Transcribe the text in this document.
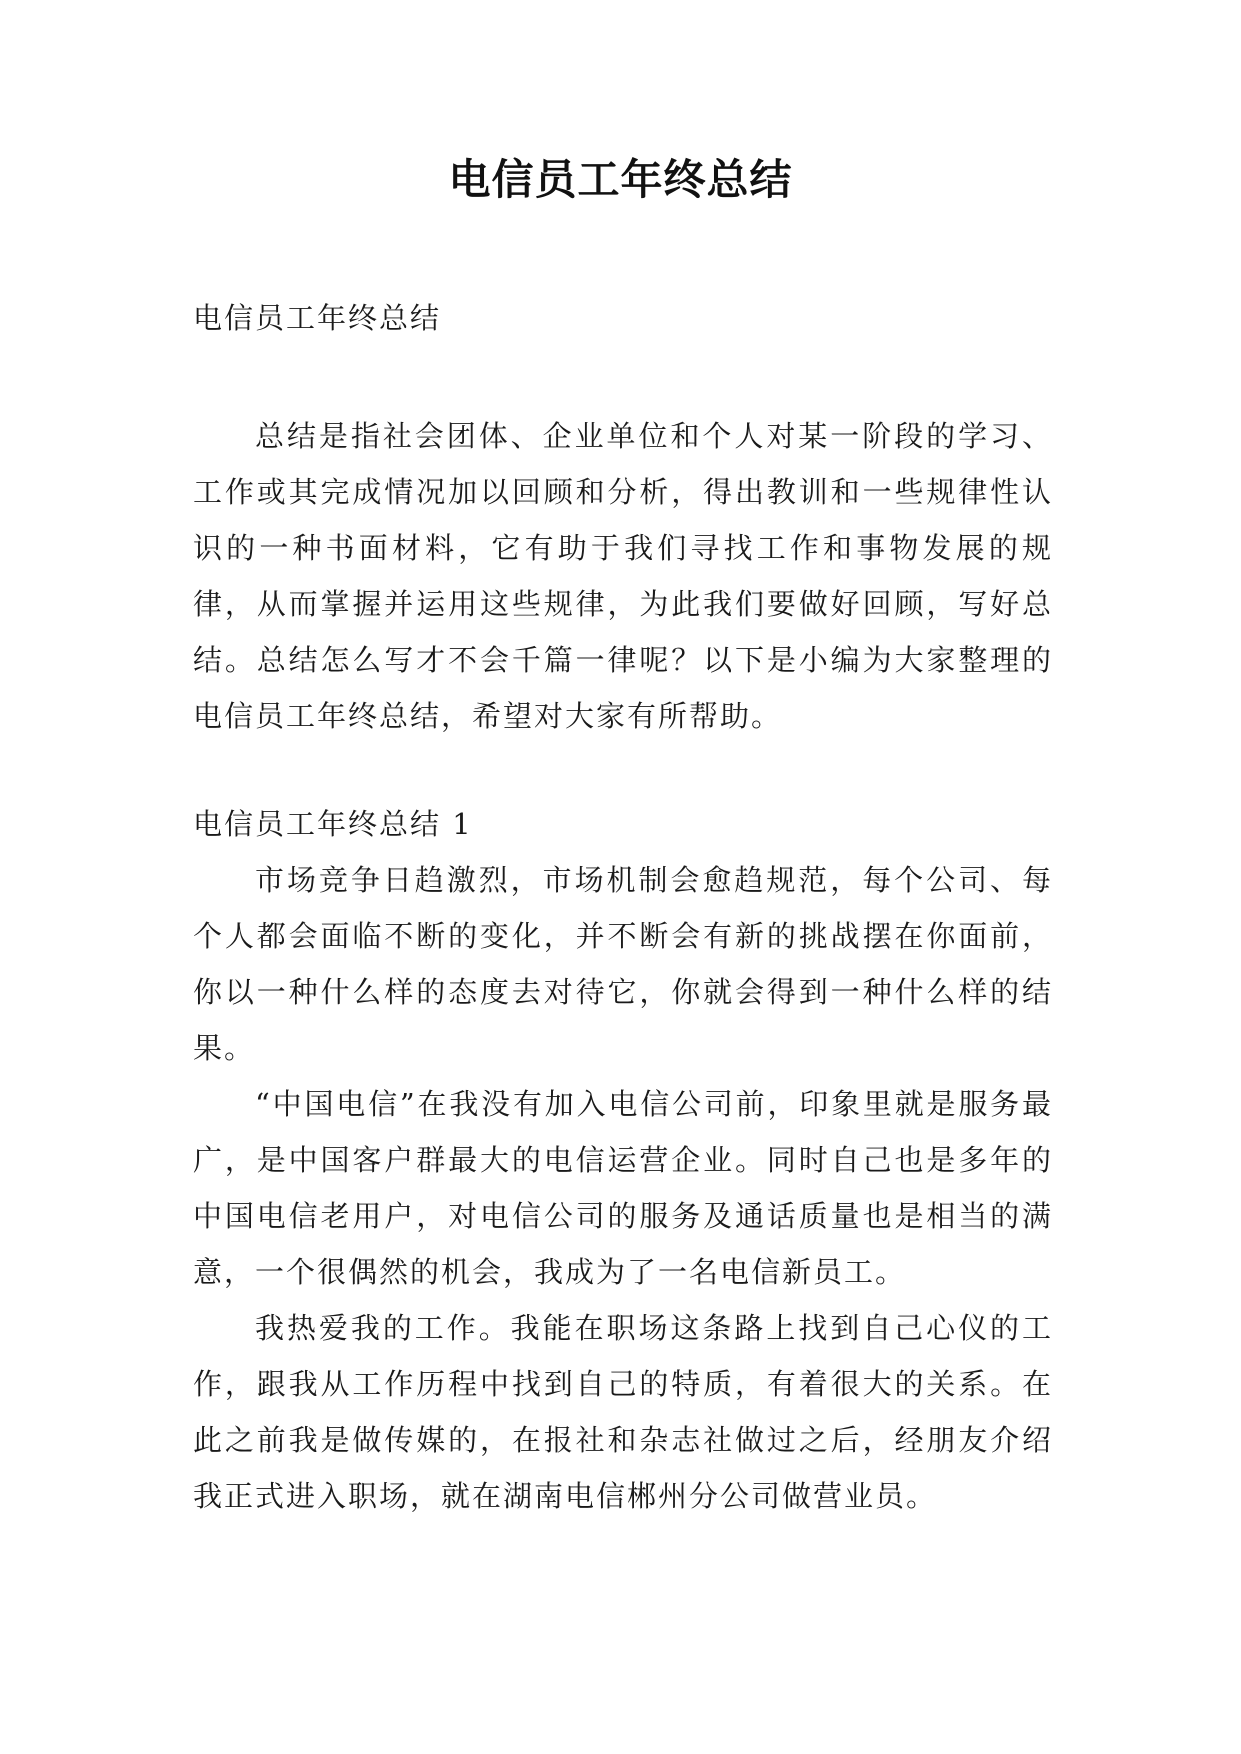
电信员工年终总结

电信员工年终总结

总结是指社会团体、企业单位和个人对某一阶段的学习、工作或其完成情况加以回顾和分析，得出教训和一些规律性认识的一种书面材料，它有助于我们寻找工作和事物发展的规律，从而掌握并运用这些规律，为此我们要做好回顾，写好总结。总结怎么写才不会千篇一律呢？以下是小编为大家整理的电信员工年终总结，希望对大家有所帮助。

电信员工年终总结 1

市场竞争日趋激烈，市场机制会愈趋规范，每个公司、每个人都会面临不断的变化，并不断会有新的挑战摆在你面前，你以一种什么样的态度去对待它，你就会得到一种什么样的结果。

“中国电信”在我没有加入电信公司前，印象里就是服务最广，是中国客户群最大的电信运营企业。同时自己也是多年的中国电信老用户，对电信公司的服务及通话质量也是相当的满意，一个很偶然的机会，我成为了一名电信新员工。

我热爱我的工作。我能在职场这条路上找到自己心仪的工作，跟我从工作历程中找到自己的特质，有着很大的关系。在此之前我是做传媒的，在报社和杂志社做过之后，经朋友介绍我正式进入职场，就在湖南电信郴州分公司做营业员。
